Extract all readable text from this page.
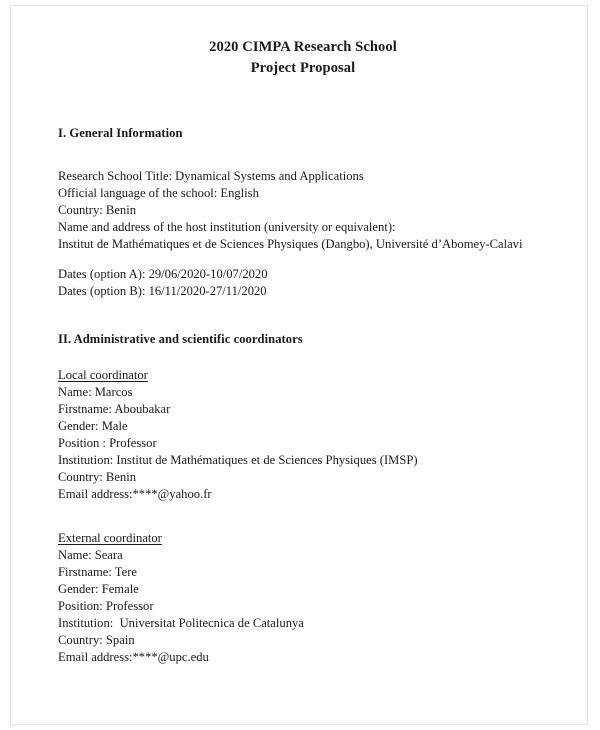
2020 CIMPA Research School
Project Proposal
I. General Information
Research School Title: Dynamical Systems and Applications
Official language of the school: English
Country: Benin
Name and address of the host institution (university or equivalent):
Institut de Mathématiques et de Sciences Physiques (Dangbo), Université d’Abomey-Calavi
Dates (option A): 29/06/2020-10/07/2020
Dates (option B): 16/11/2020-27/11/2020
II. Administrative and scientific coordinators
Local coordinator
Name: Marcos
Firstname: Aboubakar
Gender: Male
Position : Professor
Institution: Institut de Mathématiques et de Sciences Physiques (IMSP)
Country: Benin
Email address:****@yahoo.fr
External coordinator
Name: Seara
Firstname: Tere
Gender: Female
Position: Professor
Institution:  Universitat Politecnica de Catalunya
Country: Spain
Email address:****@upc.edu
